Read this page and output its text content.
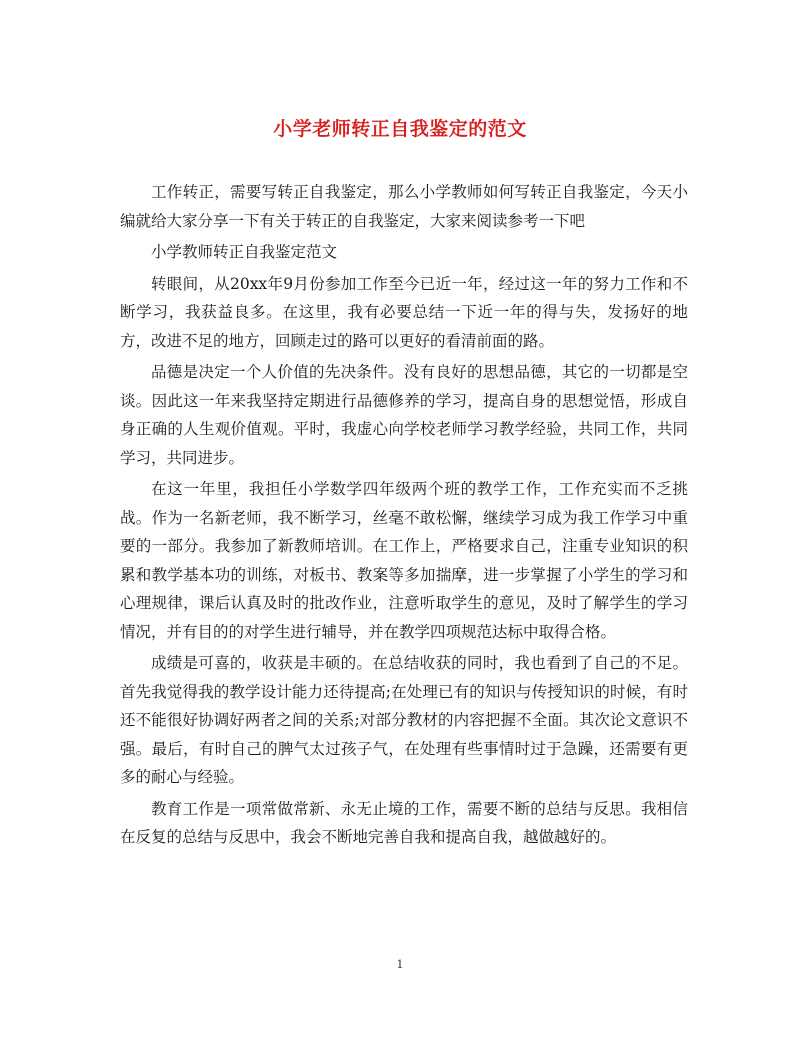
小学老师转正自我鉴定的范文

工作转正，需要写转正自我鉴定，那么小学教师如何写转正自我鉴定，今天小编就给大家分享一下有关于转正的自我鉴定，大家来阅读参考一下吧

小学教师转正自我鉴定范文

转眼间，从20xx年9月份参加工作至今已近一年，经过这一年的努力工作和不断学习，我获益良多。在这里，我有必要总结一下近一年的得与失，发扬好的地方，改进不足的地方，回顾走过的路可以更好的看清前面的路。

品德是决定一个人价值的先决条件。没有良好的思想品德，其它的一切都是空谈。因此这一年来我坚持定期进行品德修养的学习，提高自身的思想觉悟，形成自身正确的人生观价值观。平时，我虚心向学校老师学习教学经验，共同工作，共同学习，共同进步。

在这一年里，我担任小学数学四年级两个班的教学工作，工作充实而不乏挑战。作为一名新老师，我不断学习，丝毫不敢松懈，继续学习成为我工作学习中重要的一部分。我参加了新教师培训。在工作上，严格要求自己，注重专业知识的积累和教学基本功的训练，对板书、教案等多加揣摩，进一步掌握了小学生的学习和心理规律，课后认真及时的批改作业，注意听取学生的意见，及时了解学生的学习情况，并有目的的对学生进行辅导，并在教学四项规范达标中取得合格。

成绩是可喜的，收获是丰硕的。在总结收获的同时，我也看到了自己的不足。首先我觉得我的教学设计能力还待提高;在处理已有的知识与传授知识的时候，有时还不能很好协调好两者之间的关系;对部分教材的内容把握不全面。其次论文意识不强。最后，有时自己的脾气太过孩子气，在处理有些事情时过于急躁，还需要有更多的耐心与经验。

教育工作是一项常做常新、永无止境的工作，需要不断的总结与反思。我相信在反复的总结与反思中，我会不断地完善自我和提高自我，越做越好的。

1
